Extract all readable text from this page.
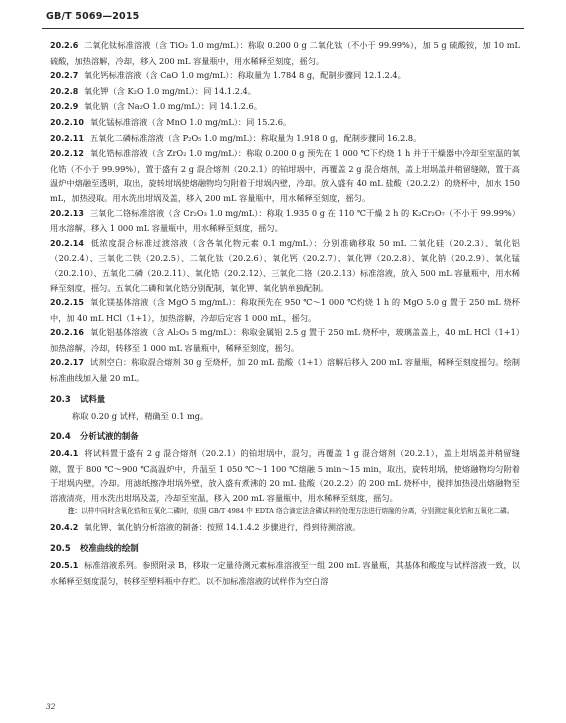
GB/T 5069—2015

20.2.6 二氧化钛标准溶液（含 TiO₂ 1.0 mg/mL）：称取 0.200 0 g 二氧化钛（不小于 99.99%），加 5 g 硫酸铵，加 10 mL 硫酸，加热溶解，冷却，移入 200 mL 容量瓶中，用水稀释至刻度，摇匀。

20.2.7 氧化钙标准溶液（含 CaO 1.0 mg/mL）：称取量为 1.784 8 g，配制步骤同 12.1.2.4。

20.2.8 氧化钾（含 K₂O 1.0 mg/mL）：同 14.1.2.4。

20.2.9 氧化钠（含 Na₂O 1.0 mg/mL）：同 14.1.2.6。

20.2.10 氧化锰标准溶液（含 MnO 1.0 mg/mL）：同 15.2.6。

20.2.11 五氧化二磷标准溶液（含 P₂O₅ 1.0 mg/mL）：称取量为 1.918 0 g，配制步骤同 16.2.8。

20.2.12 氧化锆标准溶液（含 ZrO₂ 1.0 mg/mL）：称取 0.200 0 g 预先在 1 000 ℃下灼烧 1 h 并于干燥器中冷却至室温的氧化锆（不小于 99.99%），置于盛有 2 g 混合熔剂（20.2.1）的铂坩埚中，再覆盖 2 g 混合熔剂，盖上坩埚盖并稍留缝隙，置于高温炉中熔融至透明，取出，旋转坩埚使熔融物均匀附着于坩埚内壁，冷却。放入盛有 40 mL 盐酸（20.2.2）的烧杯中，加水 150 mL，加热浸取。用水洗出坩埚及盖，移入 200 mL 容量瓶中，用水稀释至刻度，摇匀。

20.2.13 三氧化二铬标准溶液（含 Cr₂O₃ 1.0 mg/mL）：称取 1.935 0 g 在 110 ℃干燥 2 h 的 K₂Cr₂O₇（不小于 99.99%）用水溶解，移入 1 000 mL 容量瓶中，用水稀释至刻度，摇匀。

20.2.14 低浓度混合标准过渡溶液（含各氧化物元素 0.1 mg/mL）：分别准确移取 50 mL 二氧化硅（20.2.3）、氧化铝（20.2.4）、三氧化二铁（20.2.5）、二氧化钛（20.2.6）、氧化钙（20.2.7）、氧化钾（20.2.8）、氧化钠（20.2.9）、氧化锰（20.2.10）、五氧化二磷（20.2.11）、氧化锆（20.2.12）、三氧化二铬（20.2.13）标准溶液，放入 500 mL 容量瓶中，用水稀释至刻度，摇匀。五氧化二磷和氧化锆分别配制，氧化钾、氧化钠单独配制。

20.2.15 氧化镁基体溶液（含 MgO 5 mg/mL）：称取预先在 950 ℃～1 000 ℃灼烧 1 h 的 MgO 5.0 g 置于 250 mL 烧杯中，加 40 mL HCl（1+1），加热溶解，冷却后定容 1 000 mL，摇匀。

20.2.16 氧化铝基体溶液（含 Al₂O₃ 5 mg/mL）：称取金属铝 2.5 g 置于 250 mL 烧杯中，玻璃盖盖上，40 mL HCl（1+1）加热溶解，冷却，转移至 1 000 mL 容量瓶中，稀释至刻度，摇匀。

20.2.17 试剂空白：称取混合熔剂 30 g 至烧杯，加 20 mL 盐酸（1+1）溶解后移入 200 mL 容量瓶，稀释至刻度摇匀。绘制标准曲线加入量 20 mL。

20.3 试料量

称取 0.20 g 试样，精确至 0.1 mg。

20.4 分析试液的制备

20.4.1 将试料置于盛有 2 g 混合熔剂（20.2.1）的铂坩埚中，混匀，再覆盖 1 g 混合熔剂（20.2.1），盖上坩埚盖并稍留缝隙，置于 800 ℃～900 ℃高温炉中，升温至 1 050 ℃～1 100 ℃熔融 5 min～15 min，取出，旋转坩埚，使熔融物均匀附着于坩埚内壁，冷却。用滤纸擦净坩埚外壁，放入盛有煮沸的 20 mL 盐酸（20.2.2）的 200 mL 烧杯中，搅拌加热浸出熔融物至溶液清亮，用水洗出坩埚及盖，冷却至室温，移入 200 mL 容量瓶中，用水稀释至刻度，摇匀。

注：以样中同时含氧化锆和五氧化二磷时，依照 GB/T 4984 中 EDTA 络合滴定法含磷试料的处理方法进行熔融的分离，分别测定氧化锆和五氧化二磷。

20.4.2 氧化钾、氧化钠分析溶液的制备：按照 14.1.4.2 步骤进行，得到待测溶液。

20.5 校准曲线的绘制

20.5.1 标准溶液系列。参照附录 B，移取一定量待测元素标准溶液至一组 200 mL 容量瓶，其基体和酸度与试样溶液一致，以水稀释至刻度混匀，转移至塑料瓶中存贮。以不加标准溶液的试样作为空白溶

32
